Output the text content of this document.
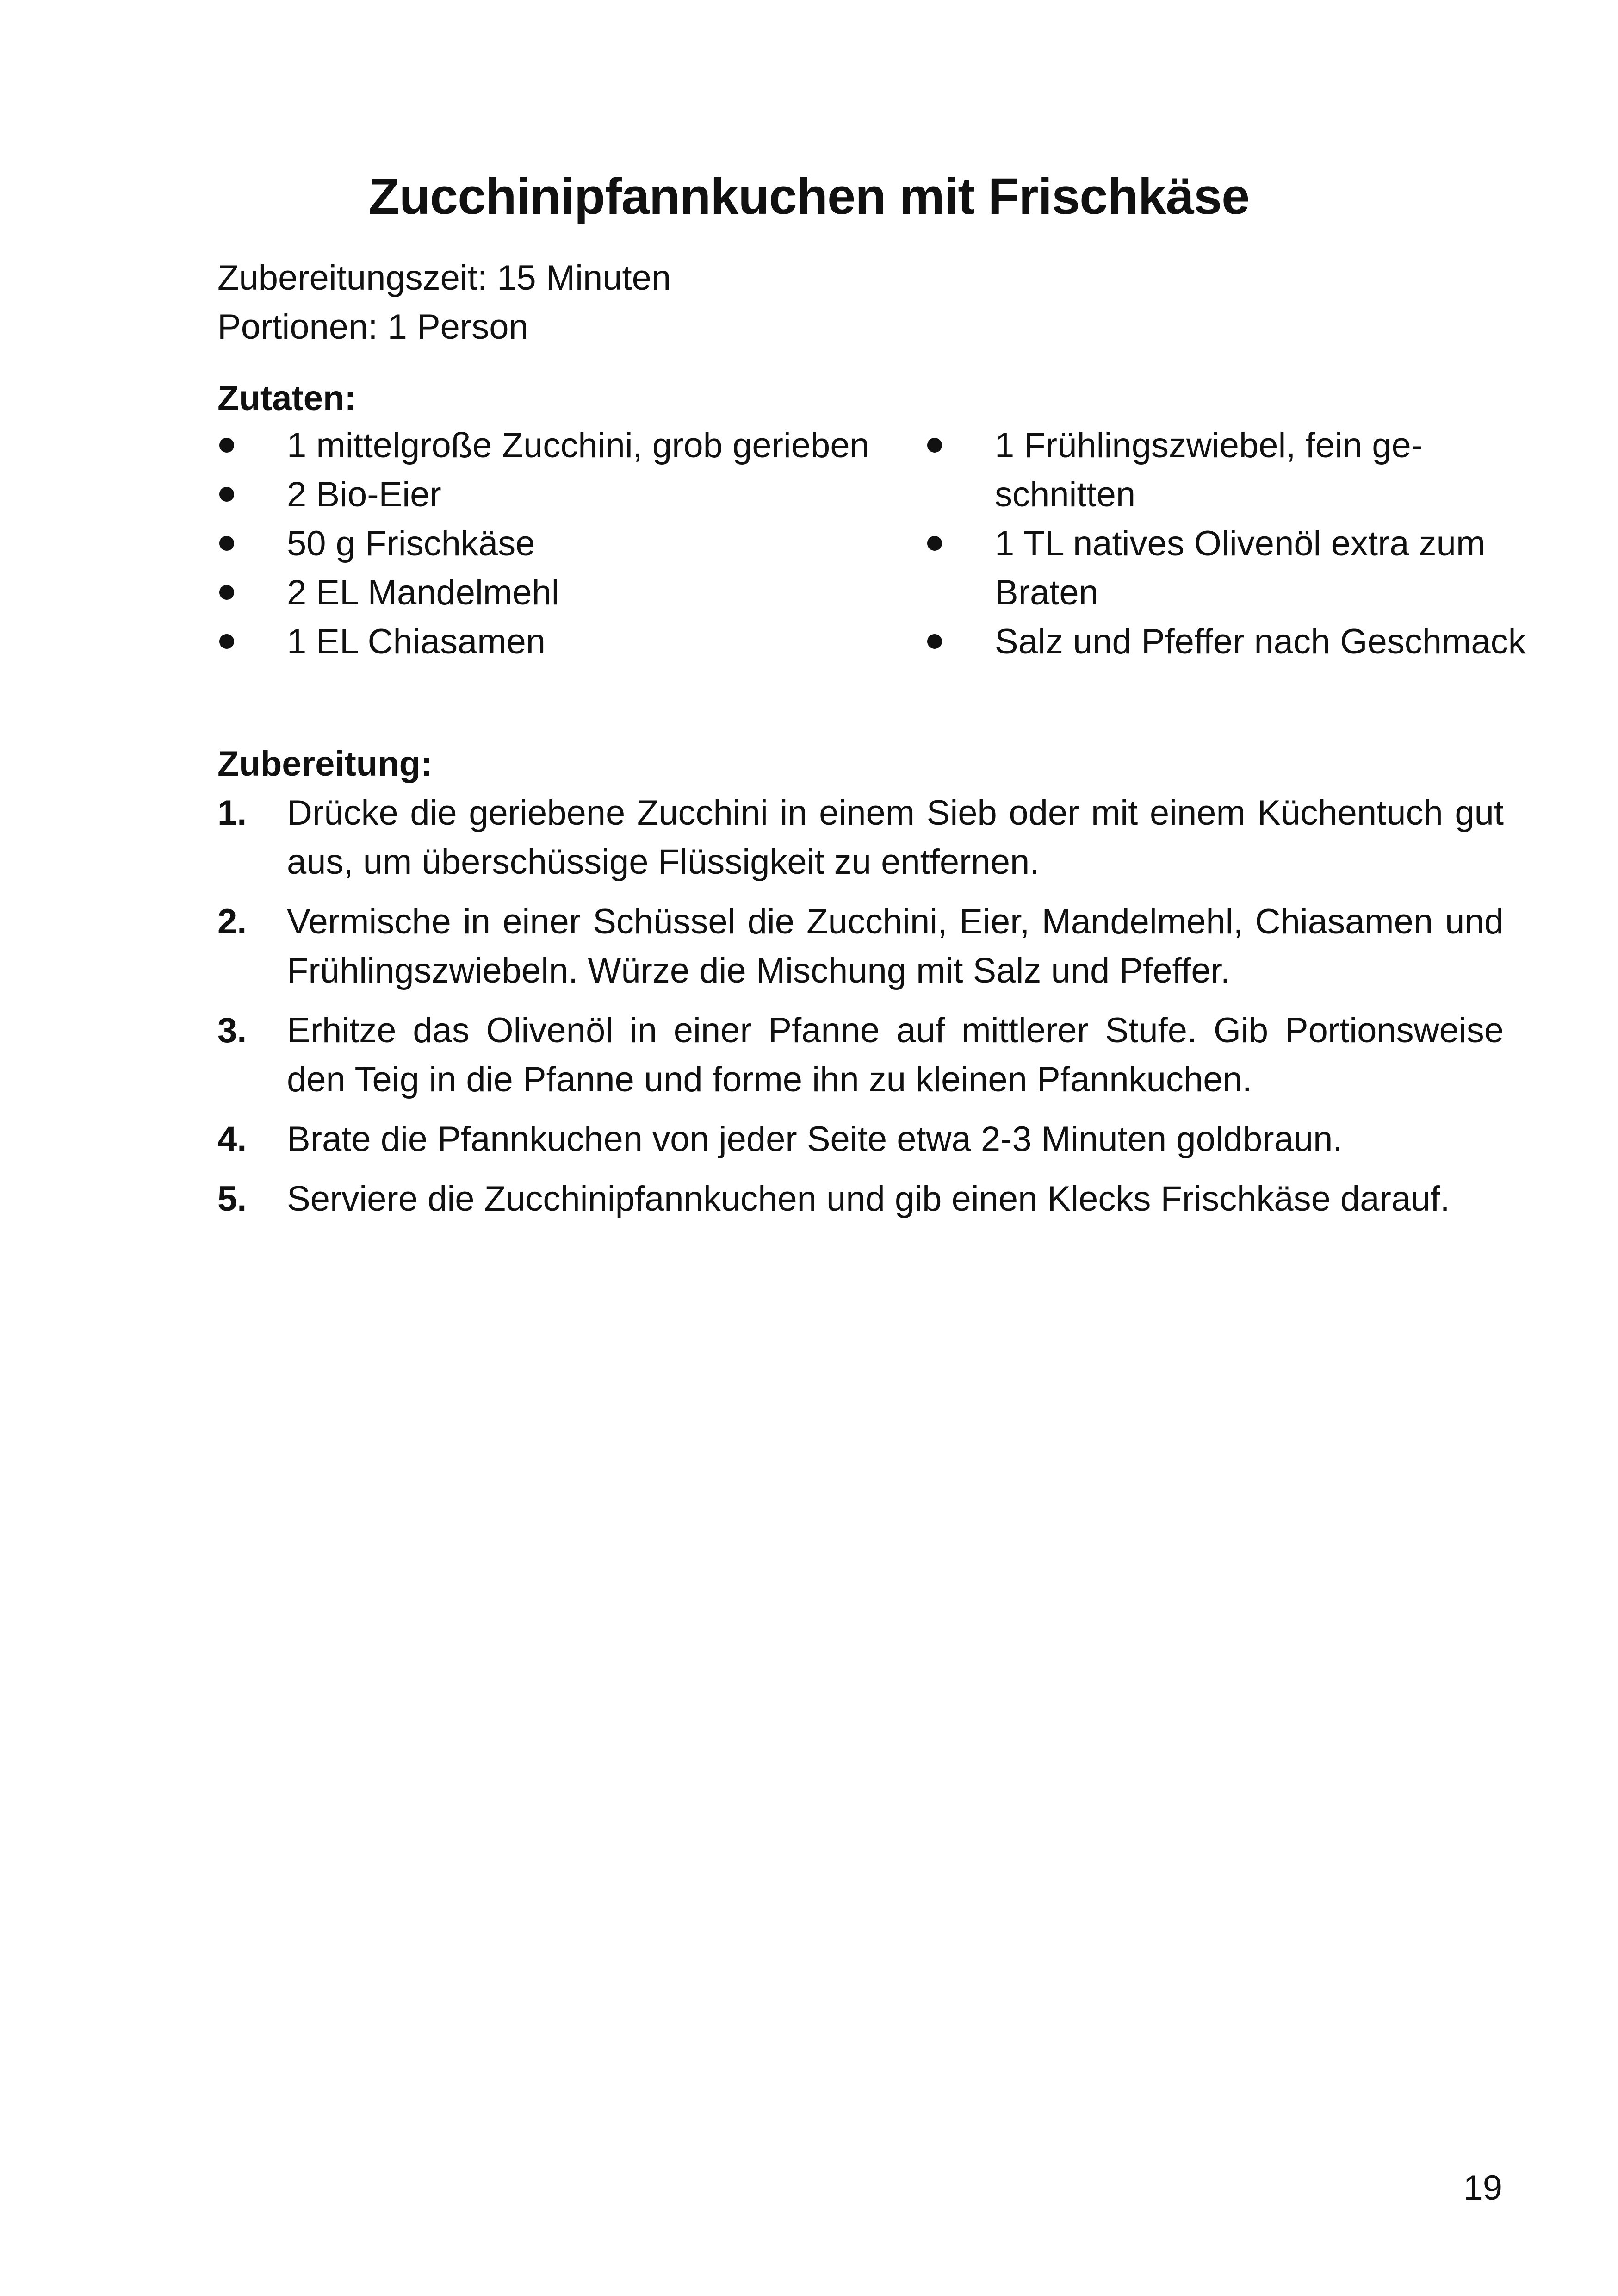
Zucchinipfannkuchen mit Frischkäse
Zubereitungszeit: 15 Minuten
Portionen: 1 Person
Zutaten:
1 mittelgroße Zucchini, grob gerieben
2 Bio-Eier
50 g Frischkäse
2 EL Mandelmehl
1 EL Chiasamen
1 Frühlingszwiebel, fein geschnitten
1 TL natives Olivenöl extra zum Braten
Salz und Pfeffer nach Geschmack
Zubereitung:
1. Drücke die geriebene Zucchini in einem Sieb oder mit einem Küchentuch gut aus, um überschüssige Flüssigkeit zu entfernen.
2. Vermische in einer Schüssel die Zucchini, Eier, Mandelmehl, Chiasamen und Frühlingszwiebeln. Würze die Mischung mit Salz und Pfeffer.
3. Erhitze das Olivenöl in einer Pfanne auf mittlerer Stufe. Gib Portionsweise den Teig in die Pfanne und forme ihn zu kleinen Pfannkuchen.
4. Brate die Pfannkuchen von jeder Seite etwa 2-3 Minuten goldbraun.
5. Serviere die Zucchinipfannkuchen und gib einen Klecks Frischkäse darauf.
19
